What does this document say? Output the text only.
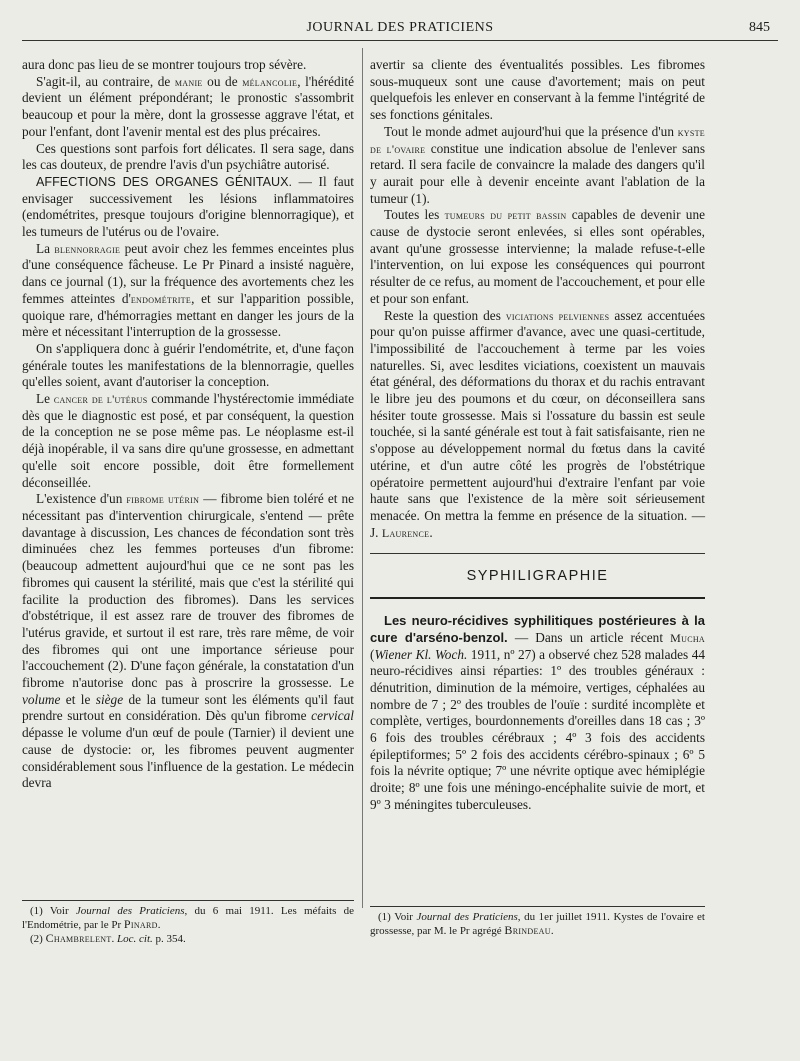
JOURNAL DES PRATICIENS	845

aura donc pas lieu de se montrer toujours trop sévère.

S'agit-il, au contraire, de manie ou de mélancolie, l'hérédité devient un élément prépondérant; le pronostic s'assombrit beaucoup et pour la mère, dont la grossesse aggrave l'état, et pour l'enfant, dont l'avenir mental est des plus précaires.

Ces questions sont parfois fort délicates. Il sera sage, dans les cas douteux, de prendre l'avis d'un psychiâtre autorisé.

AFFECTIONS DES ORGANES GÉNITAUX. — Il faut envisager successivement les lésions inflammatoires (endométrites, presque toujours d'origine blennorragique), et les tumeurs de l'utérus ou de l'ovaire.

La blennorragie peut avoir chez les femmes enceintes plus d'une conséquence fâcheuse. Le Pr Pinard a insisté naguère, dans ce journal (1), sur la fréquence des avortements chez les femmes atteintes d'endométrite, et sur l'apparition possible, quoique rare, d'hémorragies mettant en danger les jours de la mère et nécessitant l'interruption de la grossesse.

On s'appliquera donc à guérir l'endométrite, et, d'une façon générale toutes les manifestations de la blennorragie, quelles qu'elles soient, avant d'autoriser la conception.

Le cancer de l'utérus commande l'hystérectomie immédiate dès que le diagnostic est posé, et par conséquent, la question de la conception ne se pose même pas. Le néoplasme est-il déjà inopérable, il va sans dire qu'une grossesse, en admettant qu'elle soit encore possible, doit être formellement déconseillée.

L'existence d'un fibrome utérin — fibrome bien toléré et ne nécessitant pas d'intervention chirurgicale, s'entend — prête davantage à discussion, Les chances de fécondation sont très diminuées chez les femmes porteuses d'un fibrome: (beaucoup admettent aujourd'hui que ce ne sont pas les fibromes qui causent la stérilité, mais que c'est la stérilité qui facilite la production des fibromes). Dans les services d'obstétrique, il est assez rare de trouver des fibromes de l'utérus gravide, et surtout il est rare, très rare même, de voir des fibromes qui ont une importance sérieuse pour l'accouchement (2). D'une façon générale, la constatation d'un fibrome n'autorise donc pas à proscrire la grossesse. Le volume et le siège de la tumeur sont les éléments qu'il faut prendre surtout en considération. Dès qu'un fibrome cervical dépasse le volume d'un œuf de poule (Tarnier) il devient une cause de dystocie: or, les fibromes peuvent augmenter considérablement sous l'influence de la gestation. Le médecin devra

(1) Voir Journal des Praticiens, du 6 mai 1911. Les méfaits de l'Endométrie, par le Pr Pinard.

(2) Chambrelent. Loc. cit. p. 354.

avertir sa cliente des éventualités possibles. Les fibromes sous-muqueux sont une cause d'avortement; mais on peut quelquefois les enlever en conservant à la femme l'intégrité de ses fonctions génitales.

Tout le monde admet aujourd'hui que la présence d'un kyste de l'ovaire constitue une indication absolue de l'enlever sans retard. Il sera facile de convaincre la malade des dangers qu'il y aurait pour elle à devenir enceinte avant l'ablation de la tumeur (1).

Toutes les tumeurs du petit bassin capables de devenir une cause de dystocie seront enlevées, si elles sont opérables, avant qu'une grossesse intervienne; la malade refuse-t-elle l'intervention, on lui expose les conséquences qui pourront résulter de ce refus, au moment de l'accouchement, et pour elle et pour son enfant.

Reste la question des viciations pelviennes assez accentuées pour qu'on puisse affirmer d'avance, avec une quasi-certitude, l'impossibilité de l'accouchement à terme par les voies naturelles. Si, avec lesdites viciations, coexistent un mauvais état général, des déformations du thorax et du rachis entravant le libre jeu des poumons et du cœur, on déconseillera sans hésiter toute grossesse. Mais si l'ossature du bassin est seule touchée, si la santé générale est tout à fait satisfaisante, rien ne s'oppose au développement normal du fœtus dans la cavité utérine, et d'un autre côté les progrès de l'obstétrique opératoire permettent aujourd'hui d'extraire l'enfant par voie haute sans que l'existence de la mère soit sérieusement menacée. On mettra la femme en présence de la situation. — J. Laurence.

SYPHILIGRAPHIE

Les neuro-récidives syphilitiques postérieures à la cure d'arséno-benzol. — Dans un article récent Mucha (Wiener Kl. Woch. 1911, nº 27) a observé chez 528 malades 44 neuro-récidives ainsi réparties: 1º des troubles généraux : dénutrition, diminution de la mémoire, vertiges, céphalées au nombre de 7 ; 2º des troubles de l'ouïe : surdité incomplète et complète, vertiges, bourdonnements d'oreilles dans 18 cas ; 3º 6 fois des troubles cérébraux ; 4º 3 fois des accidents épileptiformes; 5º 2 fois des accidents cérébro-spinaux ; 6º 5 fois la névrite optique; 7º une névrite optique avec hémiplégie droite; 8º une fois une méningo-encéphalite suivie de mort, et 9º 3 méningites tuberculeuses.

(1) Voir Journal des Praticiens, du 1er juillet 1911. Kystes de l'ovaire et grossesse, par M. le Pr agrégé Brindeau.
